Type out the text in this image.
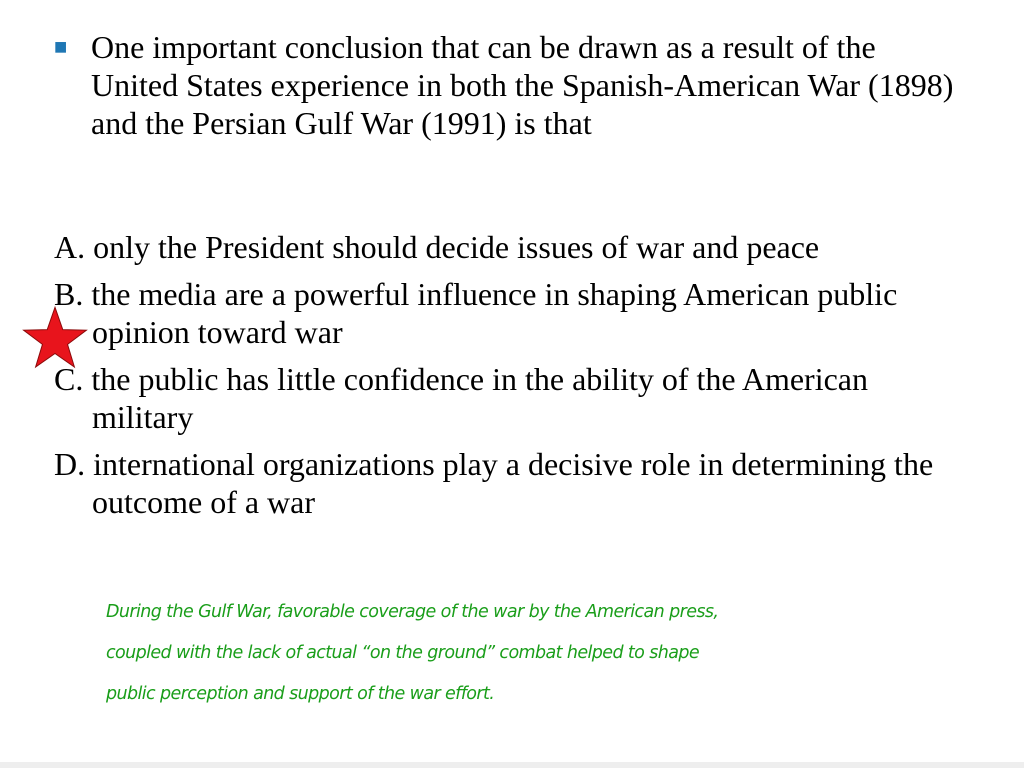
■ One important conclusion that can be drawn as a result of the United States experience in both the Spanish-American War (1898) and the Persian Gulf War (1991) is that
A. only the President should decide issues of war and peace
B. the media are a powerful influence in shaping American public opinion toward war
C. the public has little confidence in the ability of the American military
D. international organizations play a decisive role in determining the outcome of a war
During the Gulf War, favorable coverage of the war by the American press,
coupled with the lack of actual “on the ground” combat helped to shape
public perception and support of the war effort.
